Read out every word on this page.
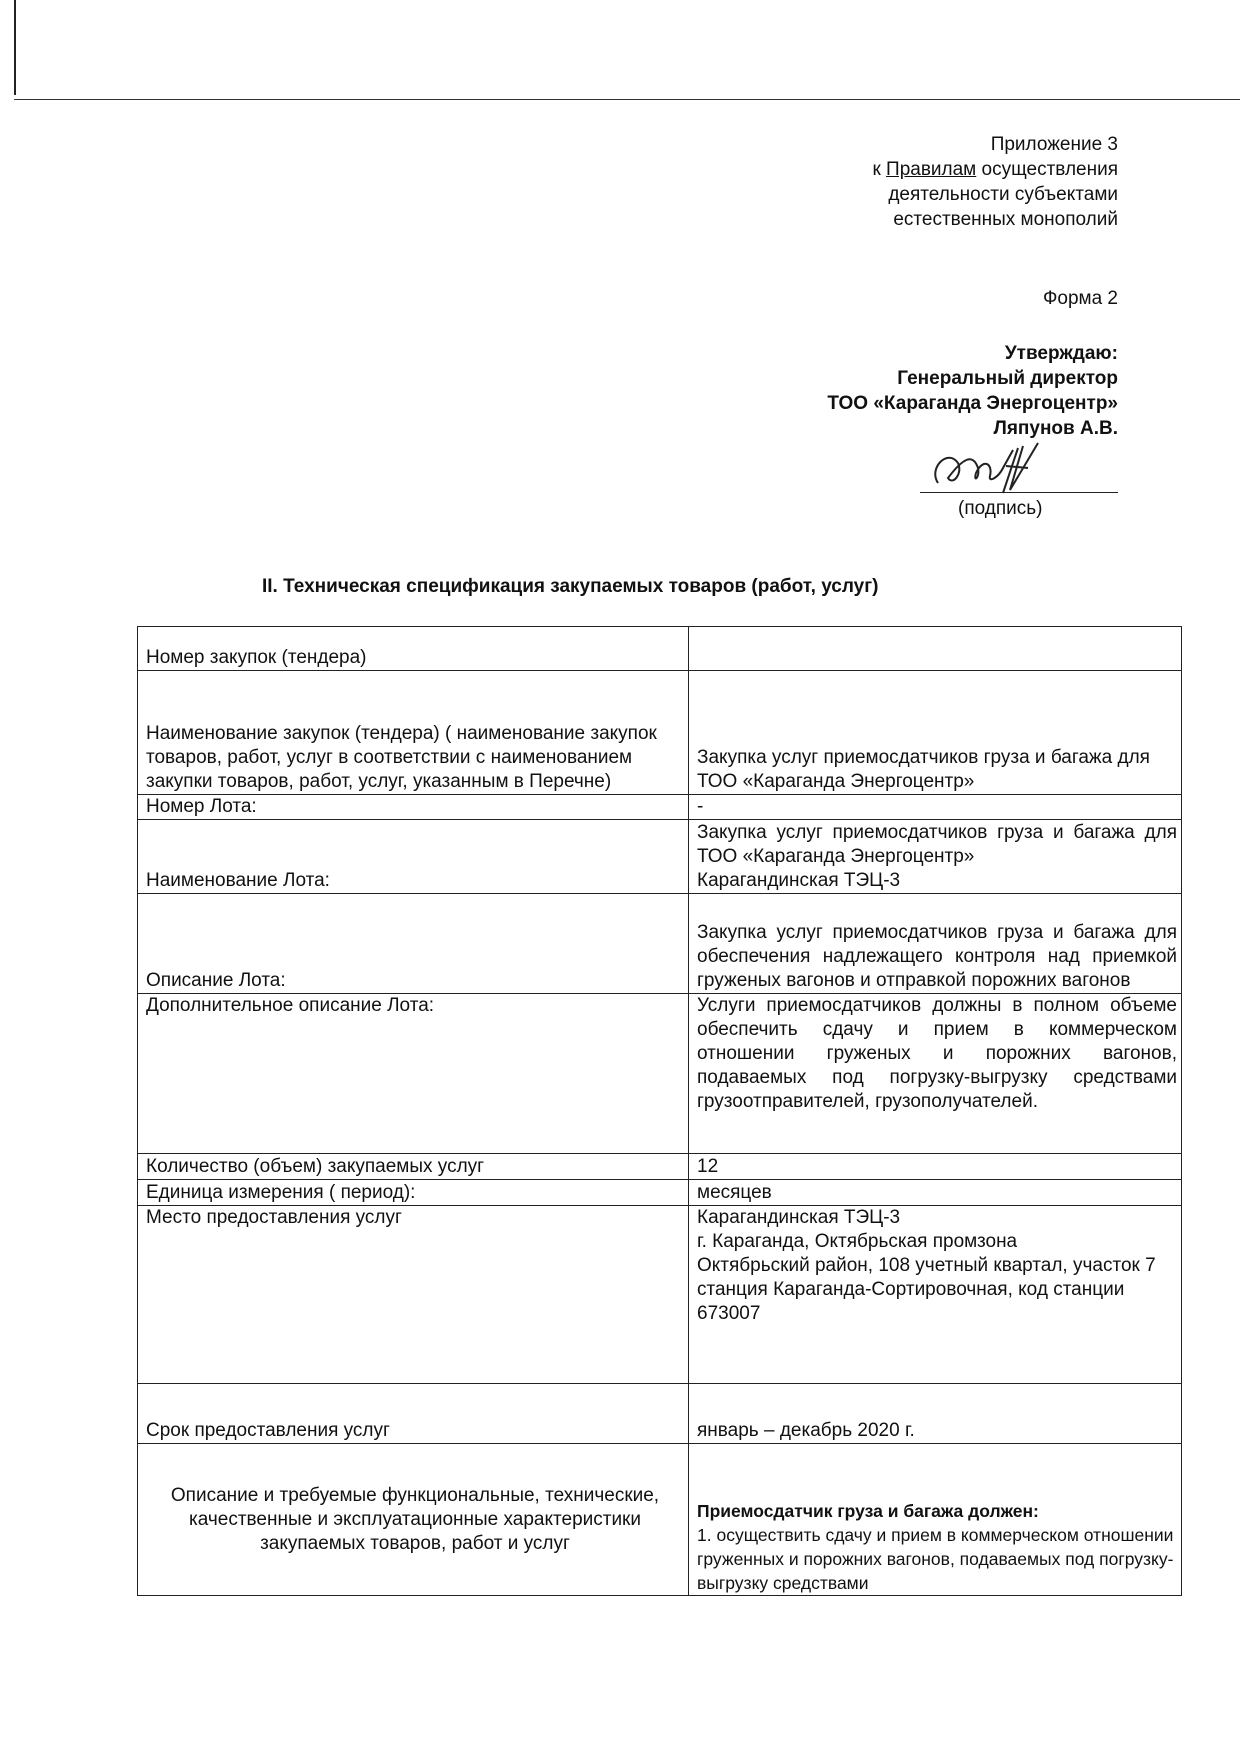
Приложение 3
к Правилам осуществления
деятельности субъектами
естественных монополий
Форма 2
Утверждаю:
Генеральный директор
ТОО «Караганда Энергоцентр»
Ляпунов А.В.
(подпись)
II. Техническая спецификация закупаемых товаров (работ, услуг)
Номер закупок (тендера)	
Наименование закупок (тендера) ( наименование закупок товаров, работ, услуг в соответствии с наименованием закупки товаров, работ, услуг, указанным в Перечне)	Закупка услуг приемосдатчиков груза и багажа для ТОО «Караганда Энергоцентр»
Номер Лота:	-
Наименование Лота:	Закупка услуг приемосдатчиков груза и багажа для ТОО «Караганда Энергоцентр»
Карагандинская ТЭЦ-3

Описание Лота:	Закупка услуг приемосдатчиков груза и багажа для обеспечения надлежащего контроля над приемкой груженых вагонов и отправкой порожних вагонов
Дополнительное описание Лота:	Услуги приемосдатчиков должны в полном объеме обеспечить сдачу и прием в коммерческом отношении груженых и порожних вагонов, подаваемых под погрузку-выгрузку средствами грузоотправителей, грузополучателей.
Количество (объем) закупаемых услуг	12
Единица измерения ( период):	месяцев
Место предоставления услуг	Карагандинская ТЭЦ-3
г. Караганда, Октябрьская промзона
Октябрьский район, 108 учетный квартал, участок 7
станция Караганда-Сортировочная, код станции 673007

Срок предоставления услуг	январь – декабрь 2020 г.
Описание и требуемые функциональные, технические, качественные и эксплуатационные характеристики закупаемых товаров, работ и услуг	Приемосдатчик груза и багажа должен:
1. осуществить сдачу и прием в коммерческом отношении груженных и порожних вагонов, подаваемых под погрузку-выгрузку средствами
